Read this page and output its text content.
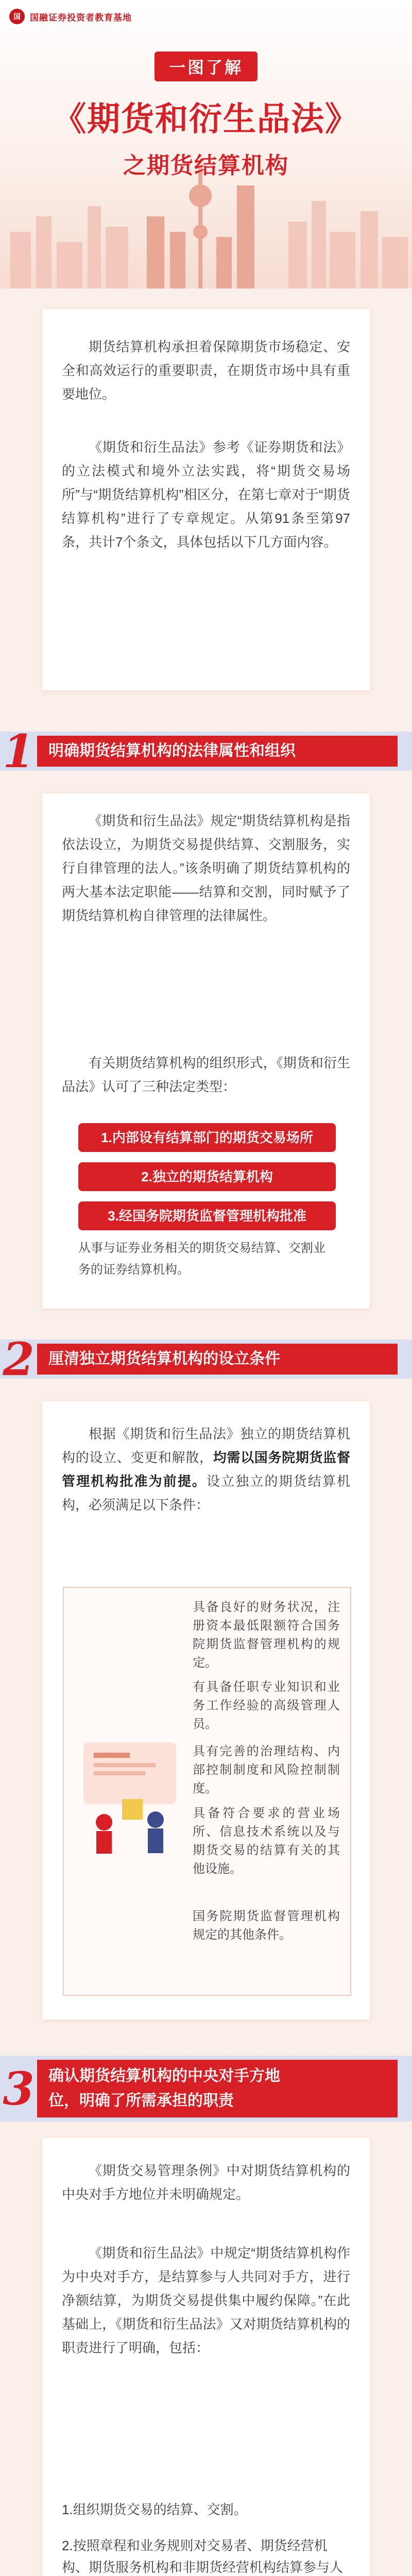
国	国融证券投资者教育基地
一图了解
《期货和衍生品法》
之期货结算机构
期货结算机构承担着保障期货市场稳定、安全和高效运行的重要职责，在期货市场中具有重要地位。
《期货和衍生品法》参考《证券期货和法》的立法模式和境外立法实践，将“期货交易场所”与“期货结算机构”相区分，在第七章对于“期货结算机构”进行了专章规定。从第91条至第97条，共计7个条文，具体包括以下几方面内容。
1 明确期货结算机构的法律属性和组织
《期货和衍生品法》规定“期货结算机构是指依法设立，为期货交易提供结算、交割服务，实行自律管理的法人。”该条明确了期货结算机构的两大基本法定职能——结算和交割，同时赋予了期货结算机构自律管理的法律属性。
有关期货结算机构的组织形式，《期货和衍生品法》认可了三种法定类型：
1.内部设有结算部门的期货交易场所
2.独立的期货结算机构
3.经国务院期货监督管理机构批准
从事与证券业务相关的期货交易结算、交割业务的证券结算机构。
2 厘清独立期货结算机构的设立条件
根据《期货和衍生品法》独立的期货结算机构的设立、变更和解散，均需以国务院期货监督管理机构批准为前提。设立独立的期货结算机构，必须满足以下条件：
具备良好的财务状况，注册资本最低限额符合国务院期货监督管理机构的规定。
有具备任职专业知识和业务工作经验的高级管理人员。
具有完善的治理结构、内部控制制度和风险控制制度。
具备符合要求的营业场所、信息技术系统以及与期货交易的结算有关的其他设施。
国务院期货监督管理机构规定的其他条件。
3 确认期货结算机构的中央对手方地
位，明确了所需承担的职责
《期货交易管理条例》中对期货结算机构的中央对手方地位并未明确规定。
《期货和衍生品法》中规定“期货结算机构作为中央对手方，是结算参与人共同对手方，进行净额结算，为期货交易提供集中履约保障。”在此基础上，《期货和衍生品法》又对期货结算机构的职责进行了明确，包括：
1.组织期货交易的结算、交割。
2.按照章程和业务规则对交易者、期货经营机构、期货服务机构和非期货经营机构结算参与人
